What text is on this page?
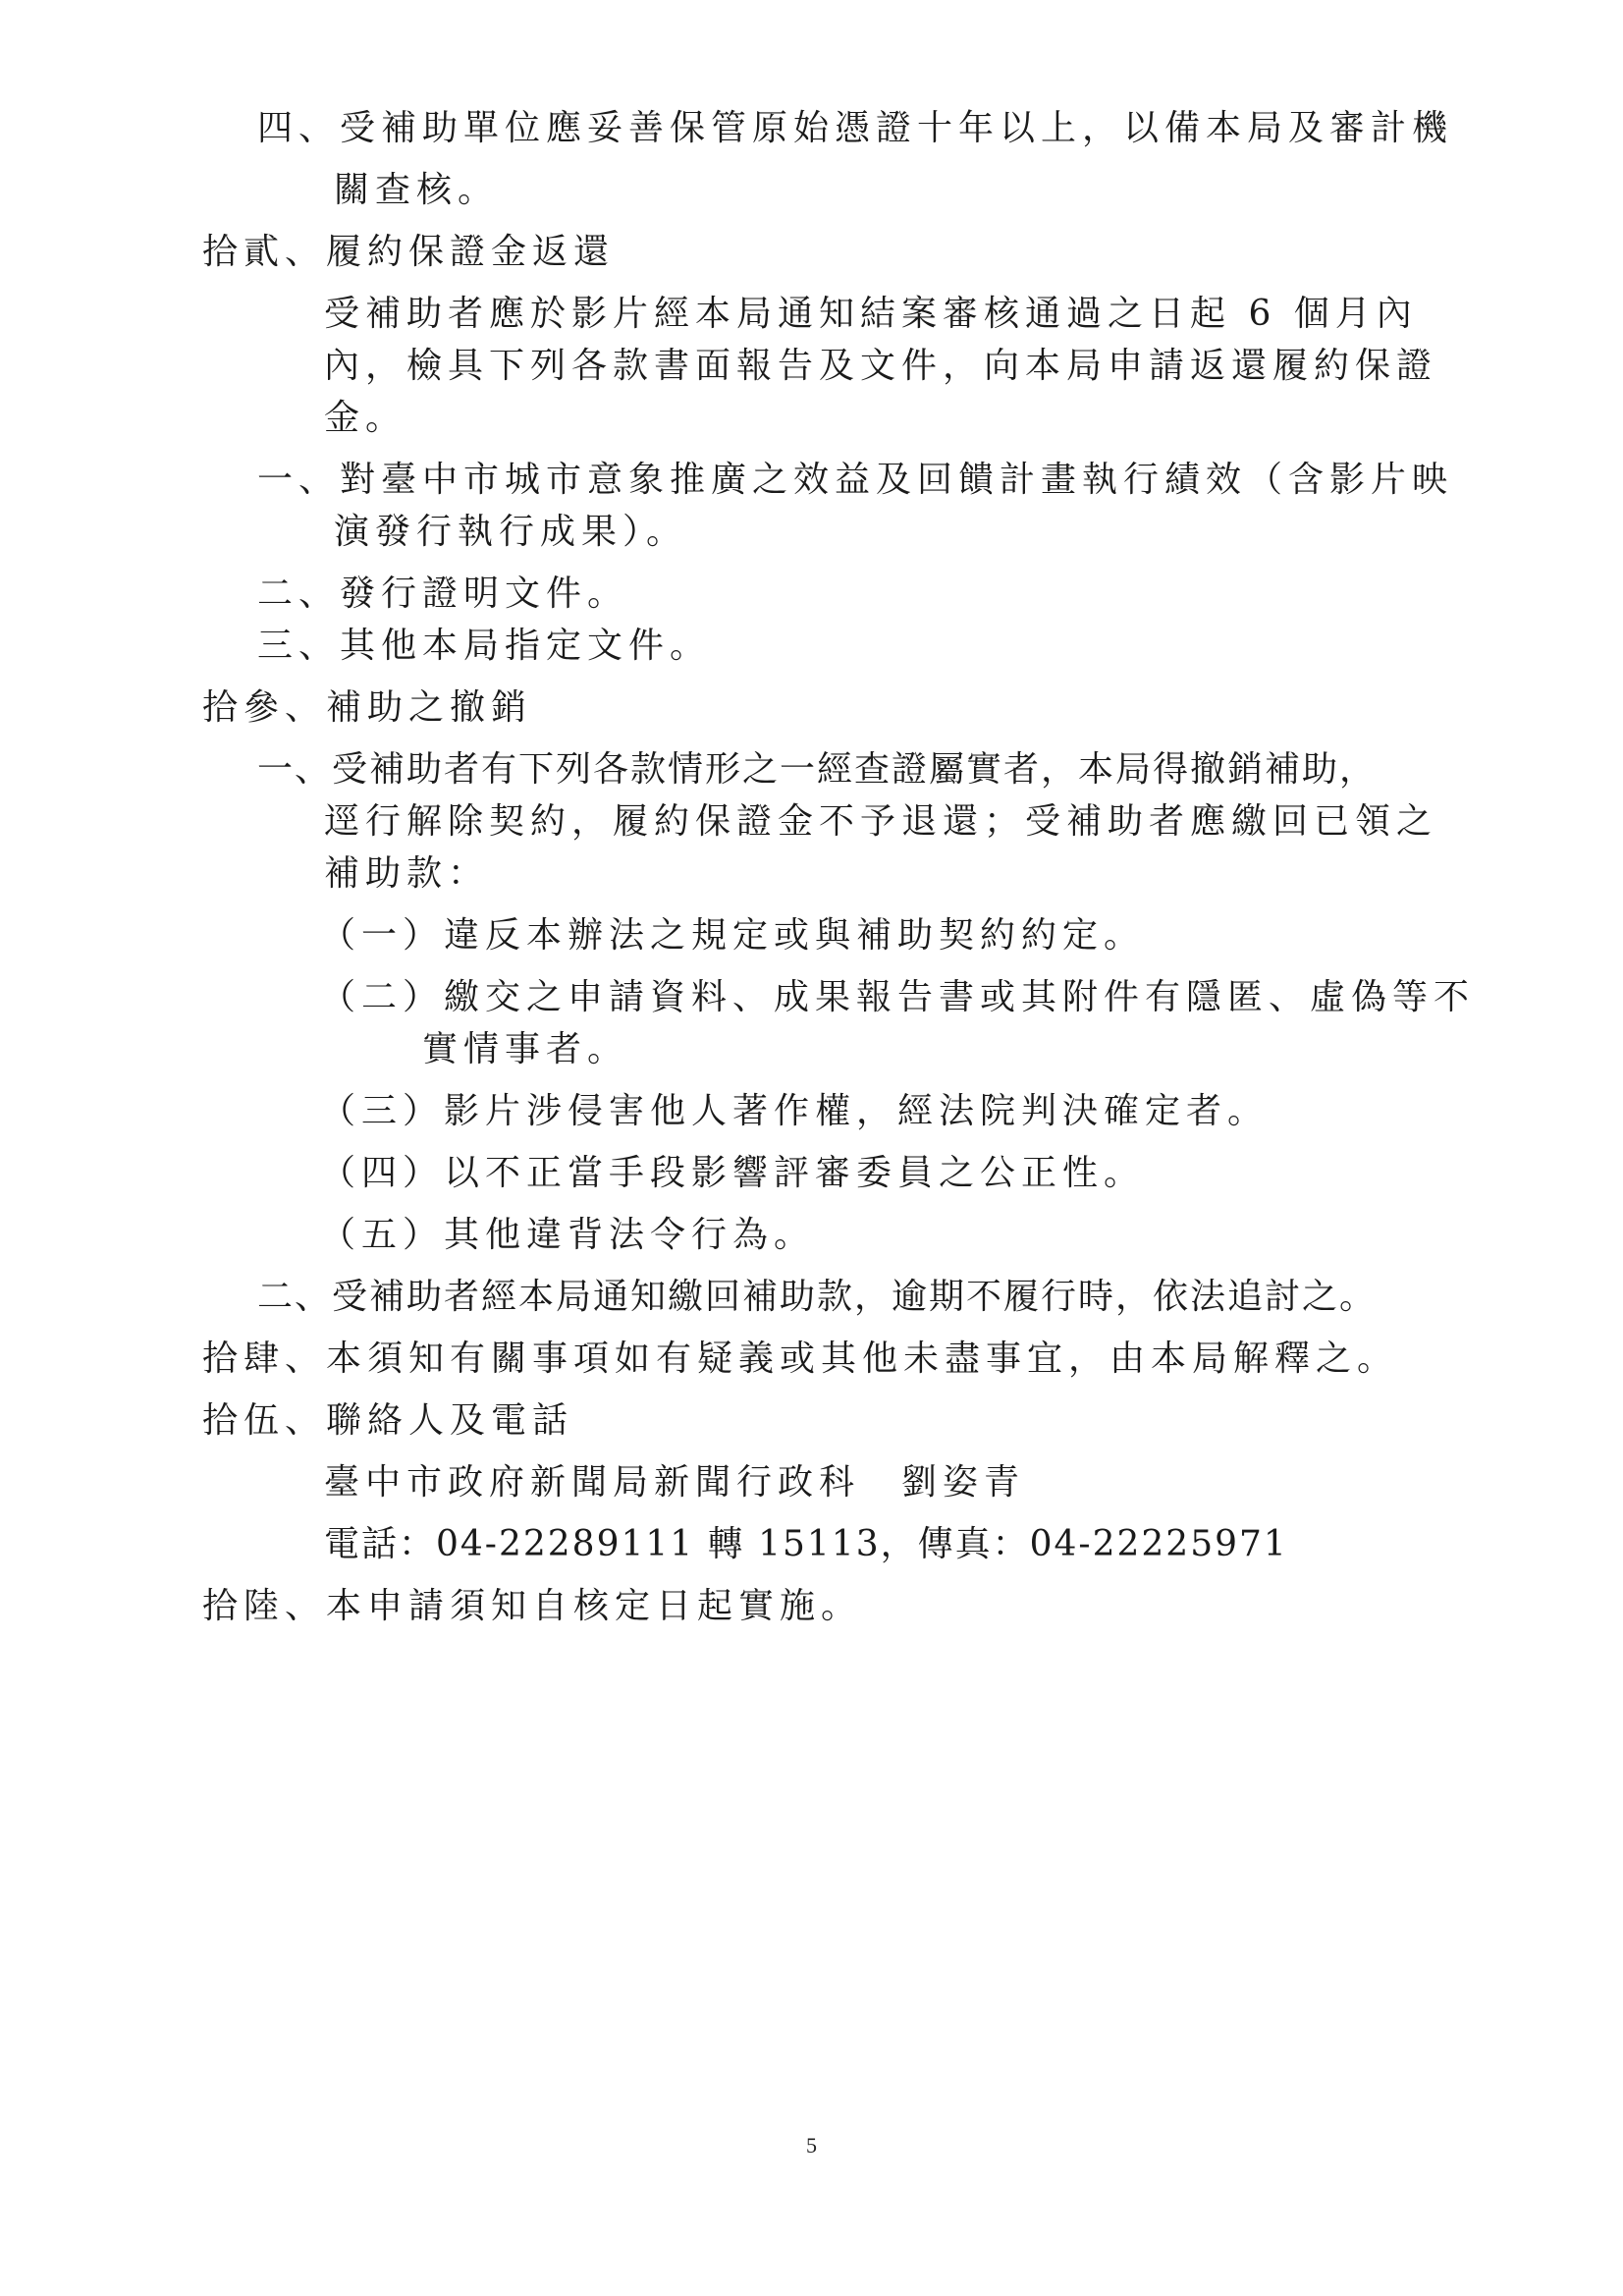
四、受補助單位應妥善保管原始憑證十年以上，以備本局及審計機
關查核。
拾貳、履約保證金返還
受補助者應於影片經本局通知結案審核通過之日起 6 個月內
內，檢具下列各款書面報告及文件，向本局申請返還履約保證
金。
一、對臺中市城市意象推廣之效益及回饋計畫執行績效（含影片映
演發行執行成果）。
二、發行證明文件。
三、其他本局指定文件。
拾參、補助之撤銷
一、受補助者有下列各款情形之一經查證屬實者，本局得撤銷補助，
逕行解除契約，履約保證金不予退還；受補助者應繳回已領之
補助款：
（一）違反本辦法之規定或與補助契約約定。
（二）繳交之申請資料、成果報告書或其附件有隱匿、虛偽等不
實情事者。
（三）影片涉侵害他人著作權，經法院判決確定者。
（四）以不正當手段影響評審委員之公正性。
（五）其他違背法令行為。
二、受補助者經本局通知繳回補助款，逾期不履行時，依法追討之。
拾肆、本須知有關事項如有疑義或其他未盡事宜，由本局解釋之。
拾伍、聯絡人及電話
臺中市政府新聞局新聞行政科　劉姿青
電話：04-22289111 轉 15113，傳真：04-22225971
拾陸、本申請須知自核定日起實施。
5
